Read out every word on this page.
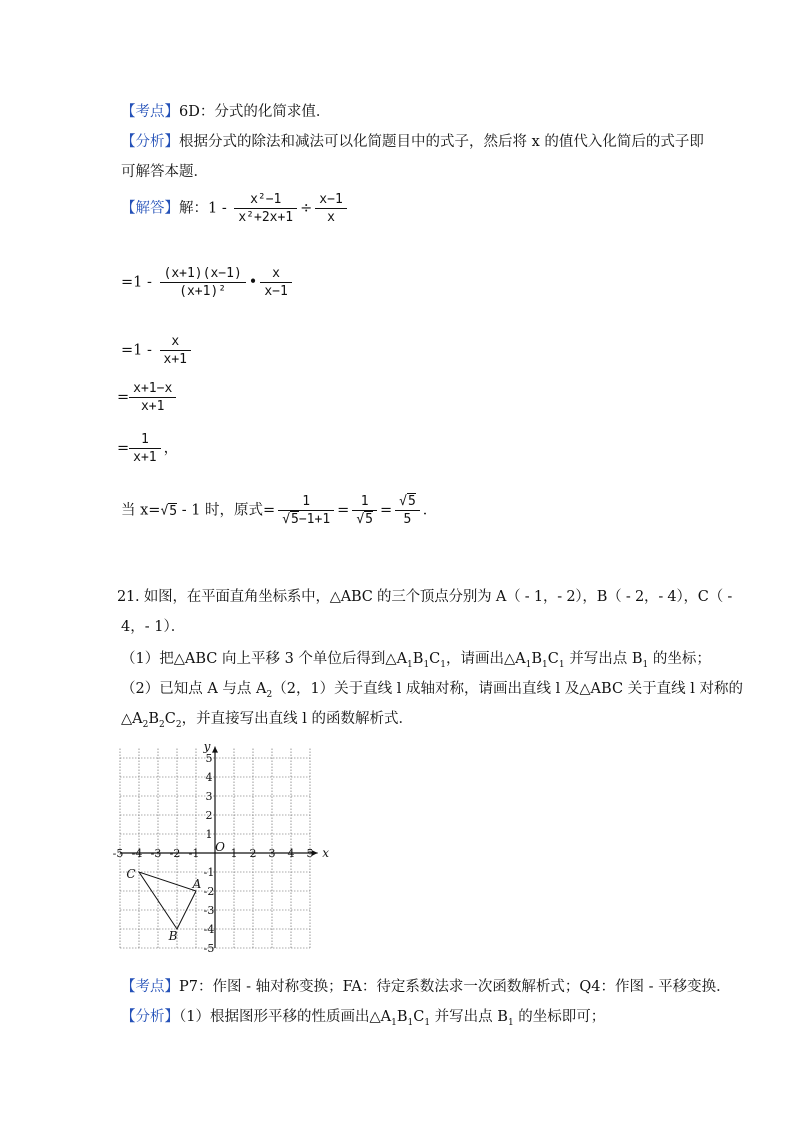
【考点】6D：分式的化简求值．
【分析】根据分式的除法和减法可以化简题目中的式子，然后将 x 的值代入化简后的式子即
可解答本题．
【解答】解：$1 - \frac{\text{x²−1}}{\text{x²+2x+1}} \div \frac{x-1}{x}$
$=1 - \frac{(x+1)(x-1)}{\text{(x+1)²}}$ • $\frac{x}{x-1}$
$=1 - \frac{x}{x+1}$
= $\frac{x+1-x}{x+1}$
= $\frac{1}{x+1}$ ，
当 x=√5 - 1 时，原式= $\frac{1}{√5-1+1} = \frac{1}{√5} = \frac{√5}{5}$ ．
21. 如图，在平面直角坐标系中，△ABC 的三个顶点分别为 A（ - 1，- 2），B（ - 2，- 4），C（ -
4，- 1）．
（1）把△ABC 向上平移 3 个单位后得到$\triangle A_1B_1C_1$，请画出$\triangle A_1B_1C_1$ 并写出点 $B_1$ 的坐标；
（2）已知点 A 与点 $A_2(2$，1）关于直线 l 成轴对称，请画出直线 l 及△ABC 关于直线 l 对称的
$\triangle A_2B_2C_2$，并直接写出直线 l 的函数解析式．
-5 -4 -3 -2 -1	1 2 3 4 5
5
4
3
2
1
-1
-2
-3
-4
-5
x
y
O
A
B
C
【考点】P7：作图 - 轴对称变换；FA：待定系数法求一次函数解析式；Q4：作图 - 平移变换．
【分析】（1）根据图形平移的性质画出$\triangle A_1B_1C_1$ 并写出点 $B_1$ 的坐标即可；
